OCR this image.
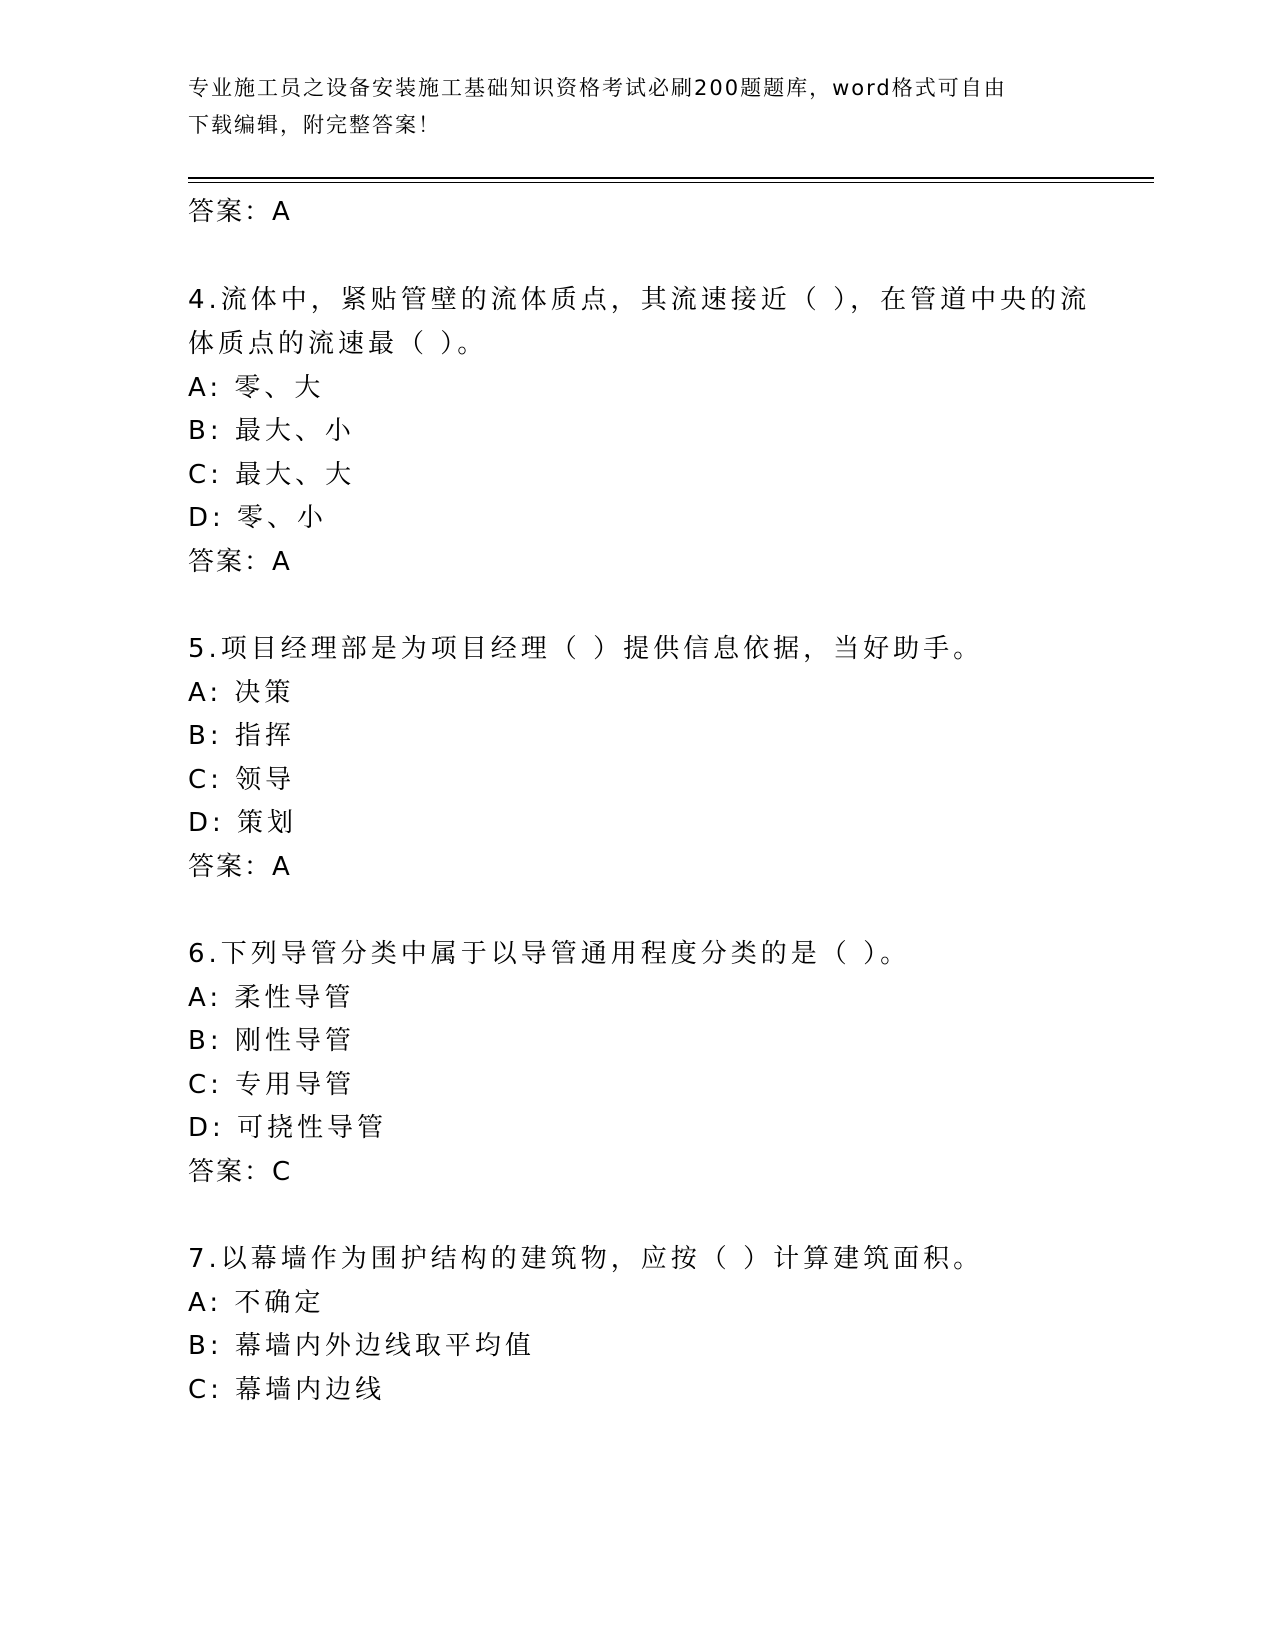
专业施工员之设备安装施工基础知识资格考试必刷200题题库，word格式可自由
下载编辑，附完整答案！
答案：A
4.流体中，紧贴管壁的流体质点，其流速接近（ ），在管道中央的流
体质点的流速最（ ）。
A: 零、大
B: 最大、小
C: 最大、大
D: 零、小
答案：A
5.项目经理部是为项目经理（ ）提供信息依据，当好助手。
A: 决策
B: 指挥
C: 领导
D: 策划
答案：A
6.下列导管分类中属于以导管通用程度分类的是（ ）。
A: 柔性导管
B: 刚性导管
C: 专用导管
D: 可挠性导管
答案：C
7.以幕墙作为围护结构的建筑物，应按（ ）计算建筑面积。
A: 不确定
B: 幕墙内外边线取平均值
C: 幕墙内边线
